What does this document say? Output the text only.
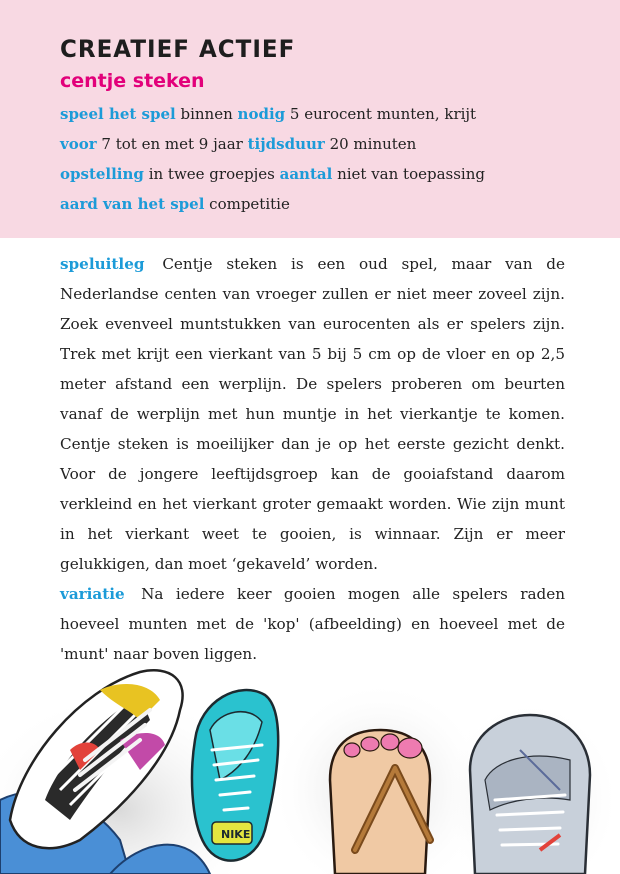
CREATIEF ACTIEF
centje steken
speel het spel binnen nodig 5 eurocent munten, krijt
voor 7 tot en met 9 jaar tijdsduur 20 minuten
opstelling in twee groepjes aantal niet van toepassing
aard van het spel competitie

speluitleg Centje steken is een oud spel, maar van de Nederlandse centen van vroeger zullen er niet meer zoveel zijn. Zoek evenveel muntstukken van eurocenten als er spelers zijn. Trek met krijt een vierkant van 5 bij 5 cm op de vloer en op 2,5 meter afstand een werplijn. De spelers proberen om beurten vanaf de werplijn met hun muntje in het vierkantje te komen. Centje steken is moeilijker dan je op het eerste gezicht denkt. Voor de jongere leeftijdsgroep kan de gooiafstand daarom verkleind en het vierkant groter gemaakt worden. Wie zijn munt in het vierkant weet te gooien, is winnaar. Zijn er meer gelukkigen, dan moet ‘gekaveld’ worden.

variatie Na iedere keer gooien mogen alle spelers raden hoeveel munten met de 'kop' (afbeelding) en hoeveel met de 'munt' naar boven liggen.

NIKE
26
